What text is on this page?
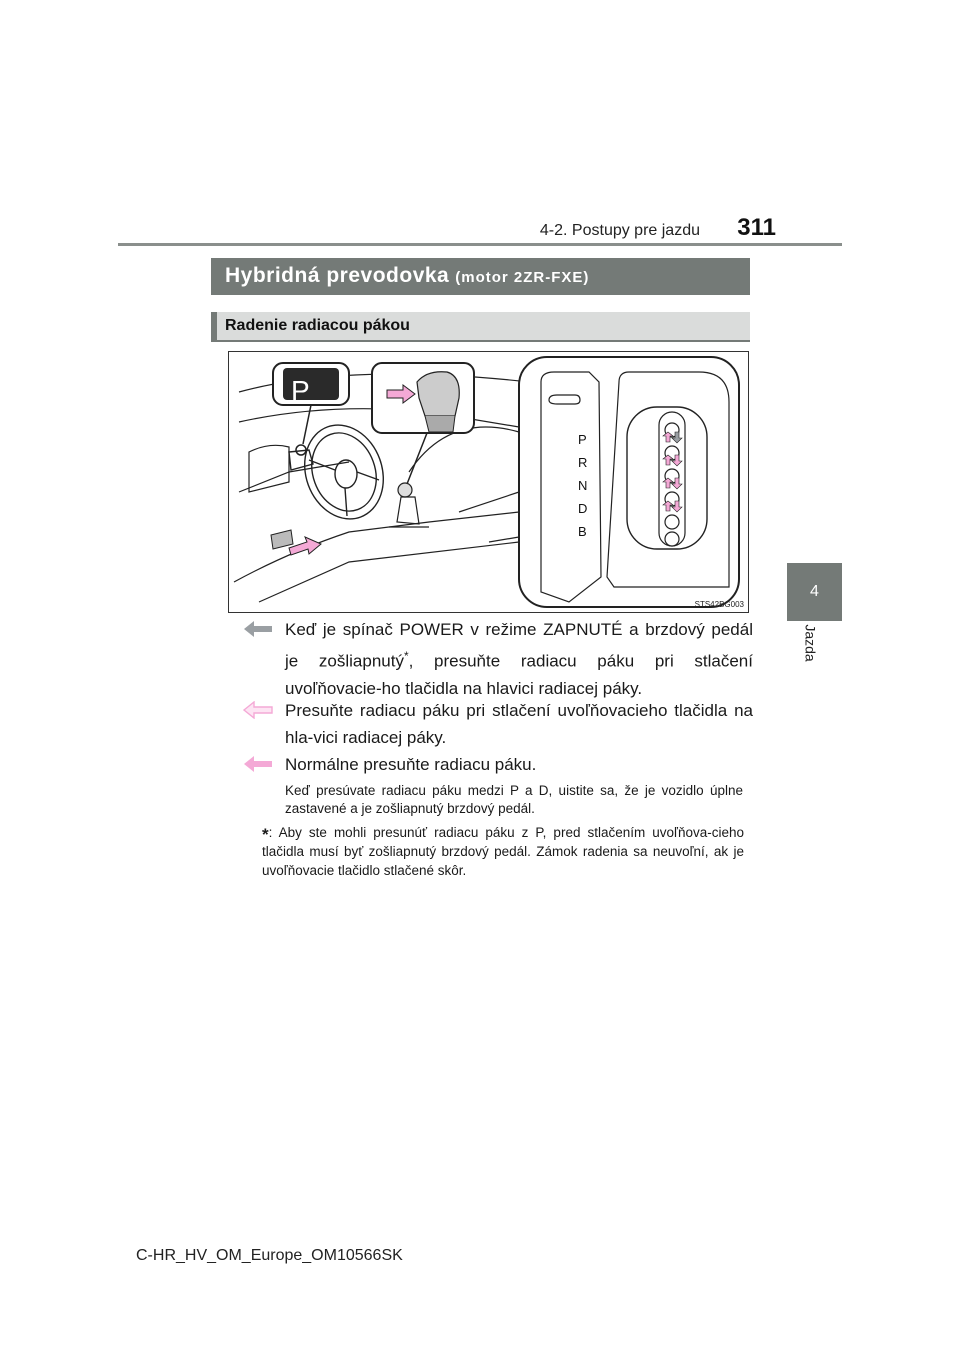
4-2. Postupy pre jazdu	311
4
Jazda
Hybridná prevodovka (motor 2ZR-FXE)
Radenie radiacou pákou
P
P
R
N
D
B
STS42BG003
Keď je spínač POWER v režime ZAPNUTÉ a brzdový pedál je zošliapnutý*, presuňte radiacu páku pri stlačení uvoľňovacie-ho tlačidla na hlavici radiacej páky.
Presuňte radiacu páku pri stlačení uvoľňovacieho tlačidla na hla-vici radiacej páky.
Normálne presuňte radiacu páku.
Keď presúvate radiacu páku medzi P a D, uistite sa, že je vozidlo úplne zastavené a je zošliapnutý brzdový pedál.
*: Aby ste mohli presunúť radiacu páku z P, pred stlačením uvoľňova-cieho tlačidla musí byť zošliapnutý brzdový pedál. Zámok radenia sa neuvoľní, ak je uvoľňovacie tlačidlo stlačené skôr.
C-HR_HV_OM_Europe_OM10566SK
